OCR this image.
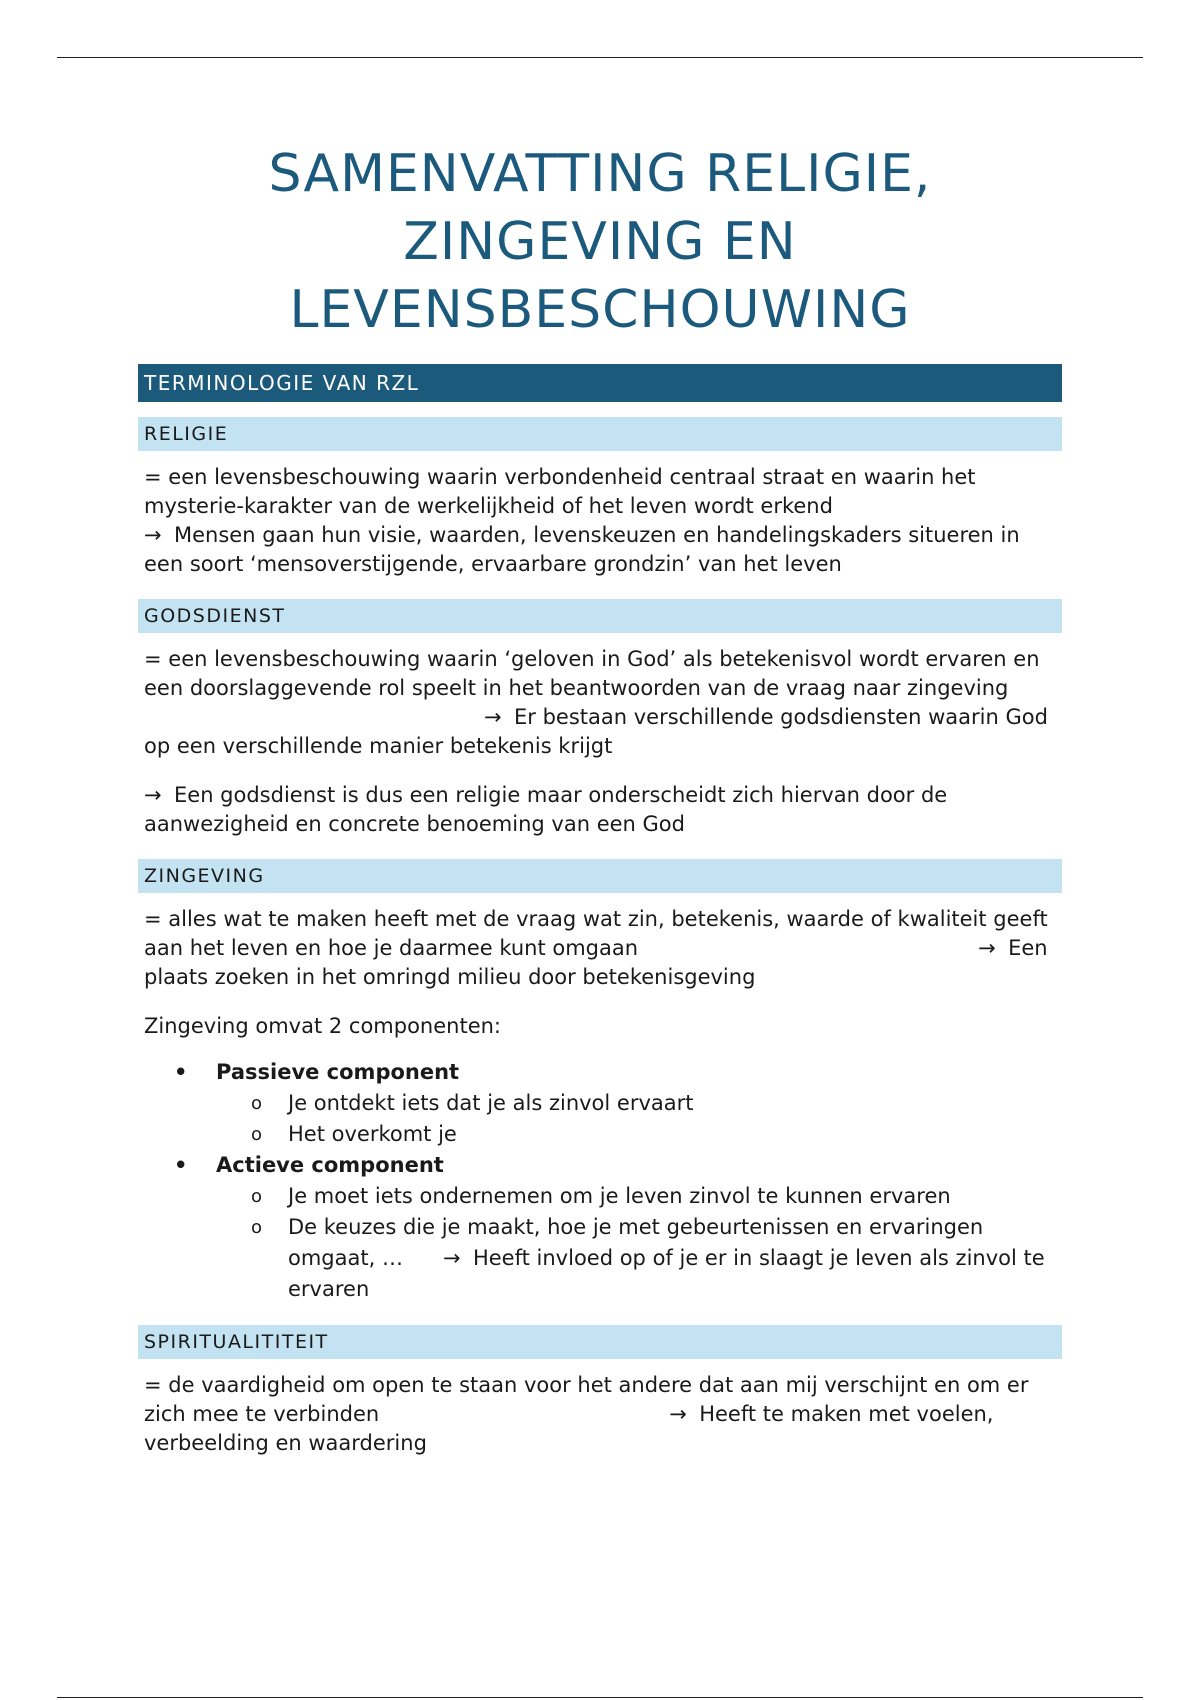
SAMENVATTING RELIGIE, ZINGEVING EN LEVENSBESCHOUWING
TERMINOLOGIE VAN RZL
RELIGIE
= een levensbeschouwing waarin verbondenheid centraal straat en waarin het mysterie-karakter van de werkelijkheid of het leven wordt erkend
→ Mensen gaan hun visie, waarden, levenskeuzen en handelingskaders situeren in een soort ‘mensoverstijgende, ervaarbare grondzin’ van het leven
GODSDIENST
= een levensbeschouwing waarin ‘geloven in God’ als betekenisvol wordt ervaren en een doorslaggevende rol speelt in het beantwoorden van de vraag naar zingeving→ Er bestaan verschillende godsdiensten waarin God op een verschillende manier betekenis krijgt
→ Een godsdienst is dus een religie maar onderscheidt zich hiervan door de aanwezigheid en concrete benoeming van een God
ZINGEVING
= alles wat te maken heeft met de vraag wat zin, betekenis, waarde of kwaliteit geeft aan het leven en hoe je daarmee kunt omgaan	→ Een plaats zoeken in het omringd milieu door betekenisgeving
Zingeving omvat 2 componenten:
• Passieve component
o Je ontdekt iets dat je als zinvol ervaart
o Het overkomt je
• Actieve component
o Je moet iets ondernemen om je leven zinvol te kunnen ervaren
o De keuzes die je maakt, hoe je met gebeurtenissen en ervaringen omgaat, … → Heeft invloed op of je er in slaagt je leven als zinvol te ervaren
SPIRITUALITITEIT
= de vaardigheid om open te staan voor het andere dat aan mij verschijnt en om er zich mee te verbinden	→ Heeft te maken met voelen, verbeelding en waardering
